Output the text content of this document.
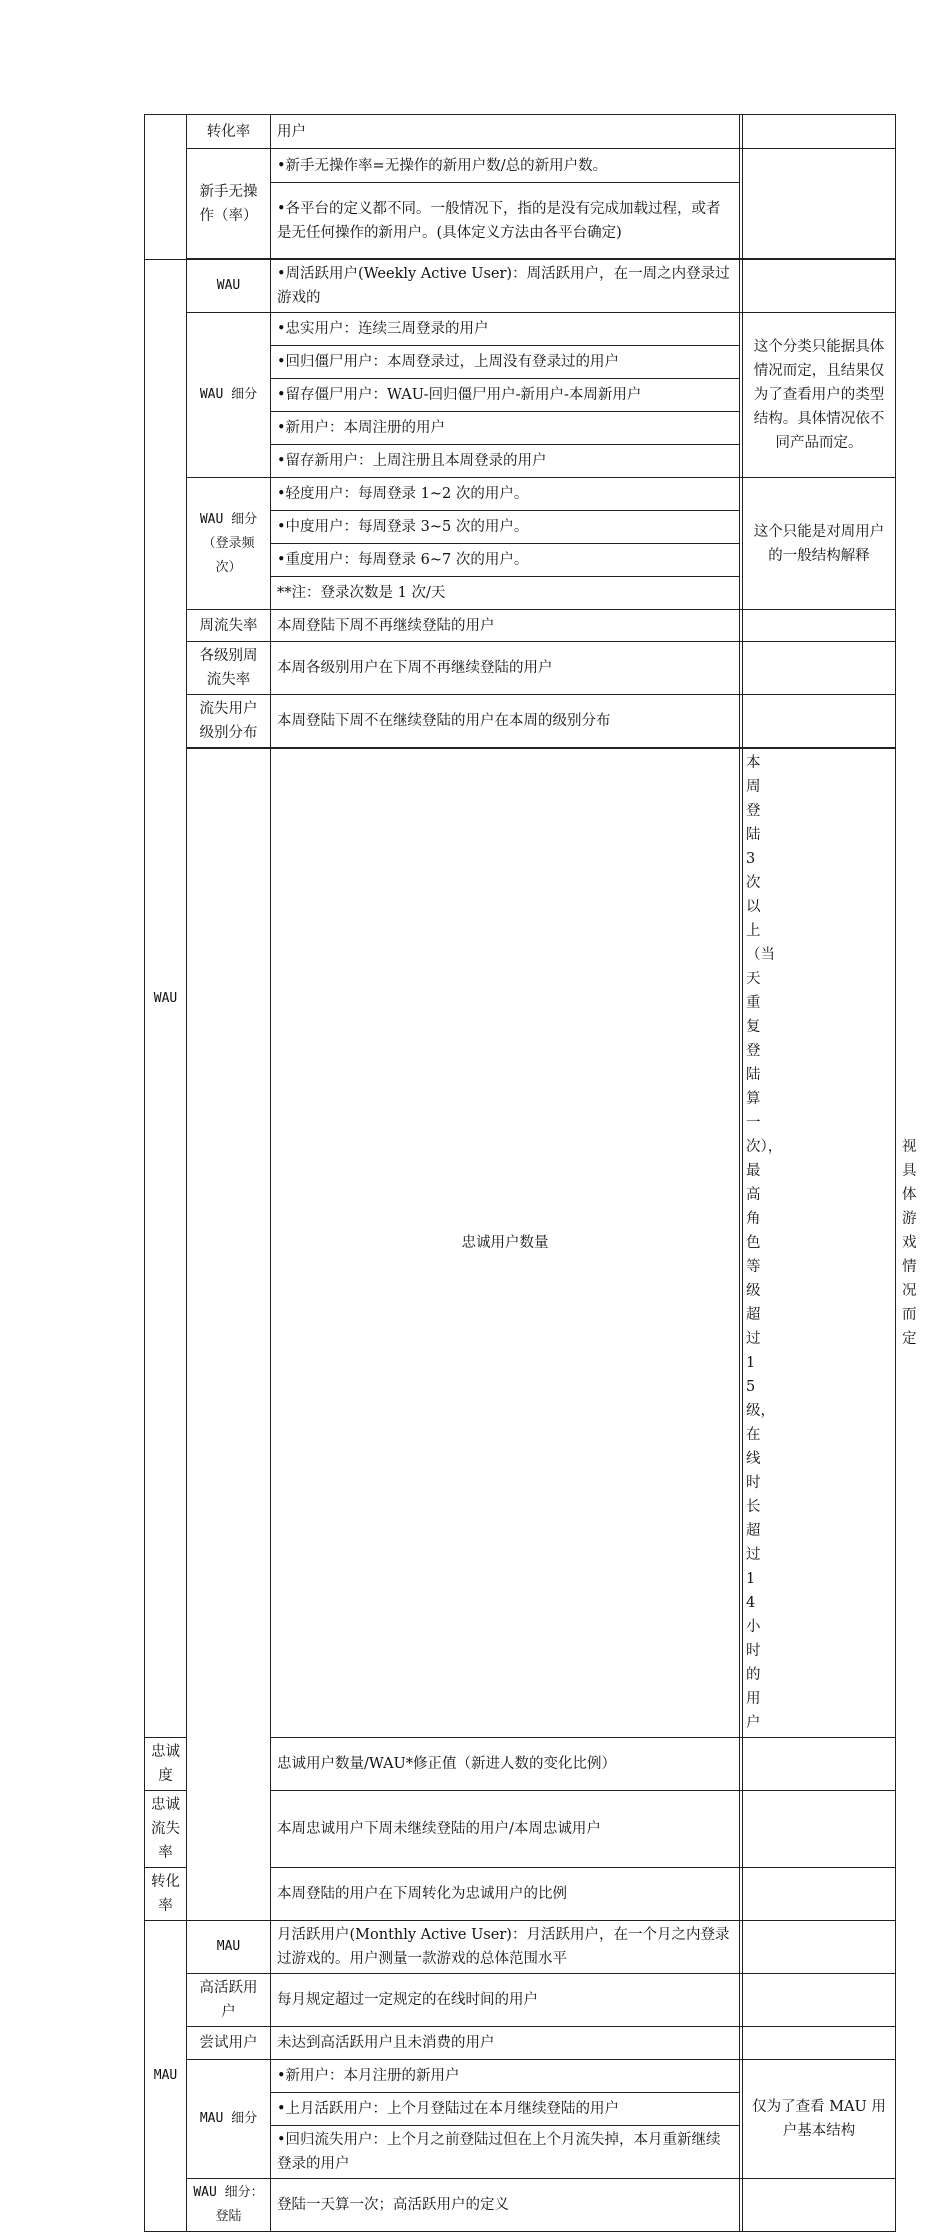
	转化率	用户			
	新手无操作（率）	•新手无操作率=无操作的新用户数/总的新用户数。			
		•各平台的定义都不同。一般情况下，指的是没有完成加载过程，或者是无任何操作的新用户。(具体定义方法由各平台确定)			

WAU	WAU	•周活跃用户(Weekly Active User)：周活跃用户，在一周之内登录过游戏的			
	WAU 细分	•忠实用户：连续三周登录的用户		这个分类只能据具体情况而定，且结果仅为了查看用户的类型结构。具体情况依不同产品而定。	
		•回归僵尸用户：本周登录过，上周没有登录过的用户			
		•留存僵尸用户：WAU-回归僵尸用户-新用户-本周新用户			
		•新用户：本周注册的用户			
		•留存新用户：上周注册且本周登录的用户			
	WAU 细分（登录频次）	•轻度用户：每周登录 1~2 次的用户。		这个只能是对周用户的一般结构解释	
		•中度用户：每周登录 3~5 次的用户。			
		•重度用户：每周登录 6~7 次的用户。			
		**注：登录次数是 1 次/天			
	周流失率	本周登陆下周不再继续登陆的用户			
	各级别周流失率	本周各级别用户在下周不再继续登陆的用户			
	流失用户级别分布	本周登陆下周不在继续登陆的用户在本周的级别分布			

		忠诚用户数量	本周登陆 3 次以上（当天重复登陆算一次），最高角色等级超过 15 级，在线时长超过 14 小时的用户		视具体游戏情况而定
忠诚度		忠诚用户数量/WAU*修正值（新进人数的变化比例）			
忠诚流失率		本周忠诚用户下周未继续登陆的用户/本周忠诚用户			
转化率		本周登陆的用户在下周转化为忠诚用户的比例			
MAU	MAU	月活跃用户(Monthly Active User)：月活跃用户，在一个月之内登录过游戏的。用户测量一款游戏的总体范围水平			
	高活跃用户	每月规定超过一定规定的在线时间的用户			
	尝试用户	未达到高活跃用户且未消费的用户			
	MAU 细分	•新用户：本月注册的新用户		仅为了查看 MAU 用户基本结构	
		•上月活跃用户：上个月登陆过在本月继续登陆的用户			
		•回归流失用户：上个月之前登陆过但在上个月流失掉，本月重新继续登录的用户			
	WAU 细分：登陆	登陆一天算一次；高活跃用户的定义			
